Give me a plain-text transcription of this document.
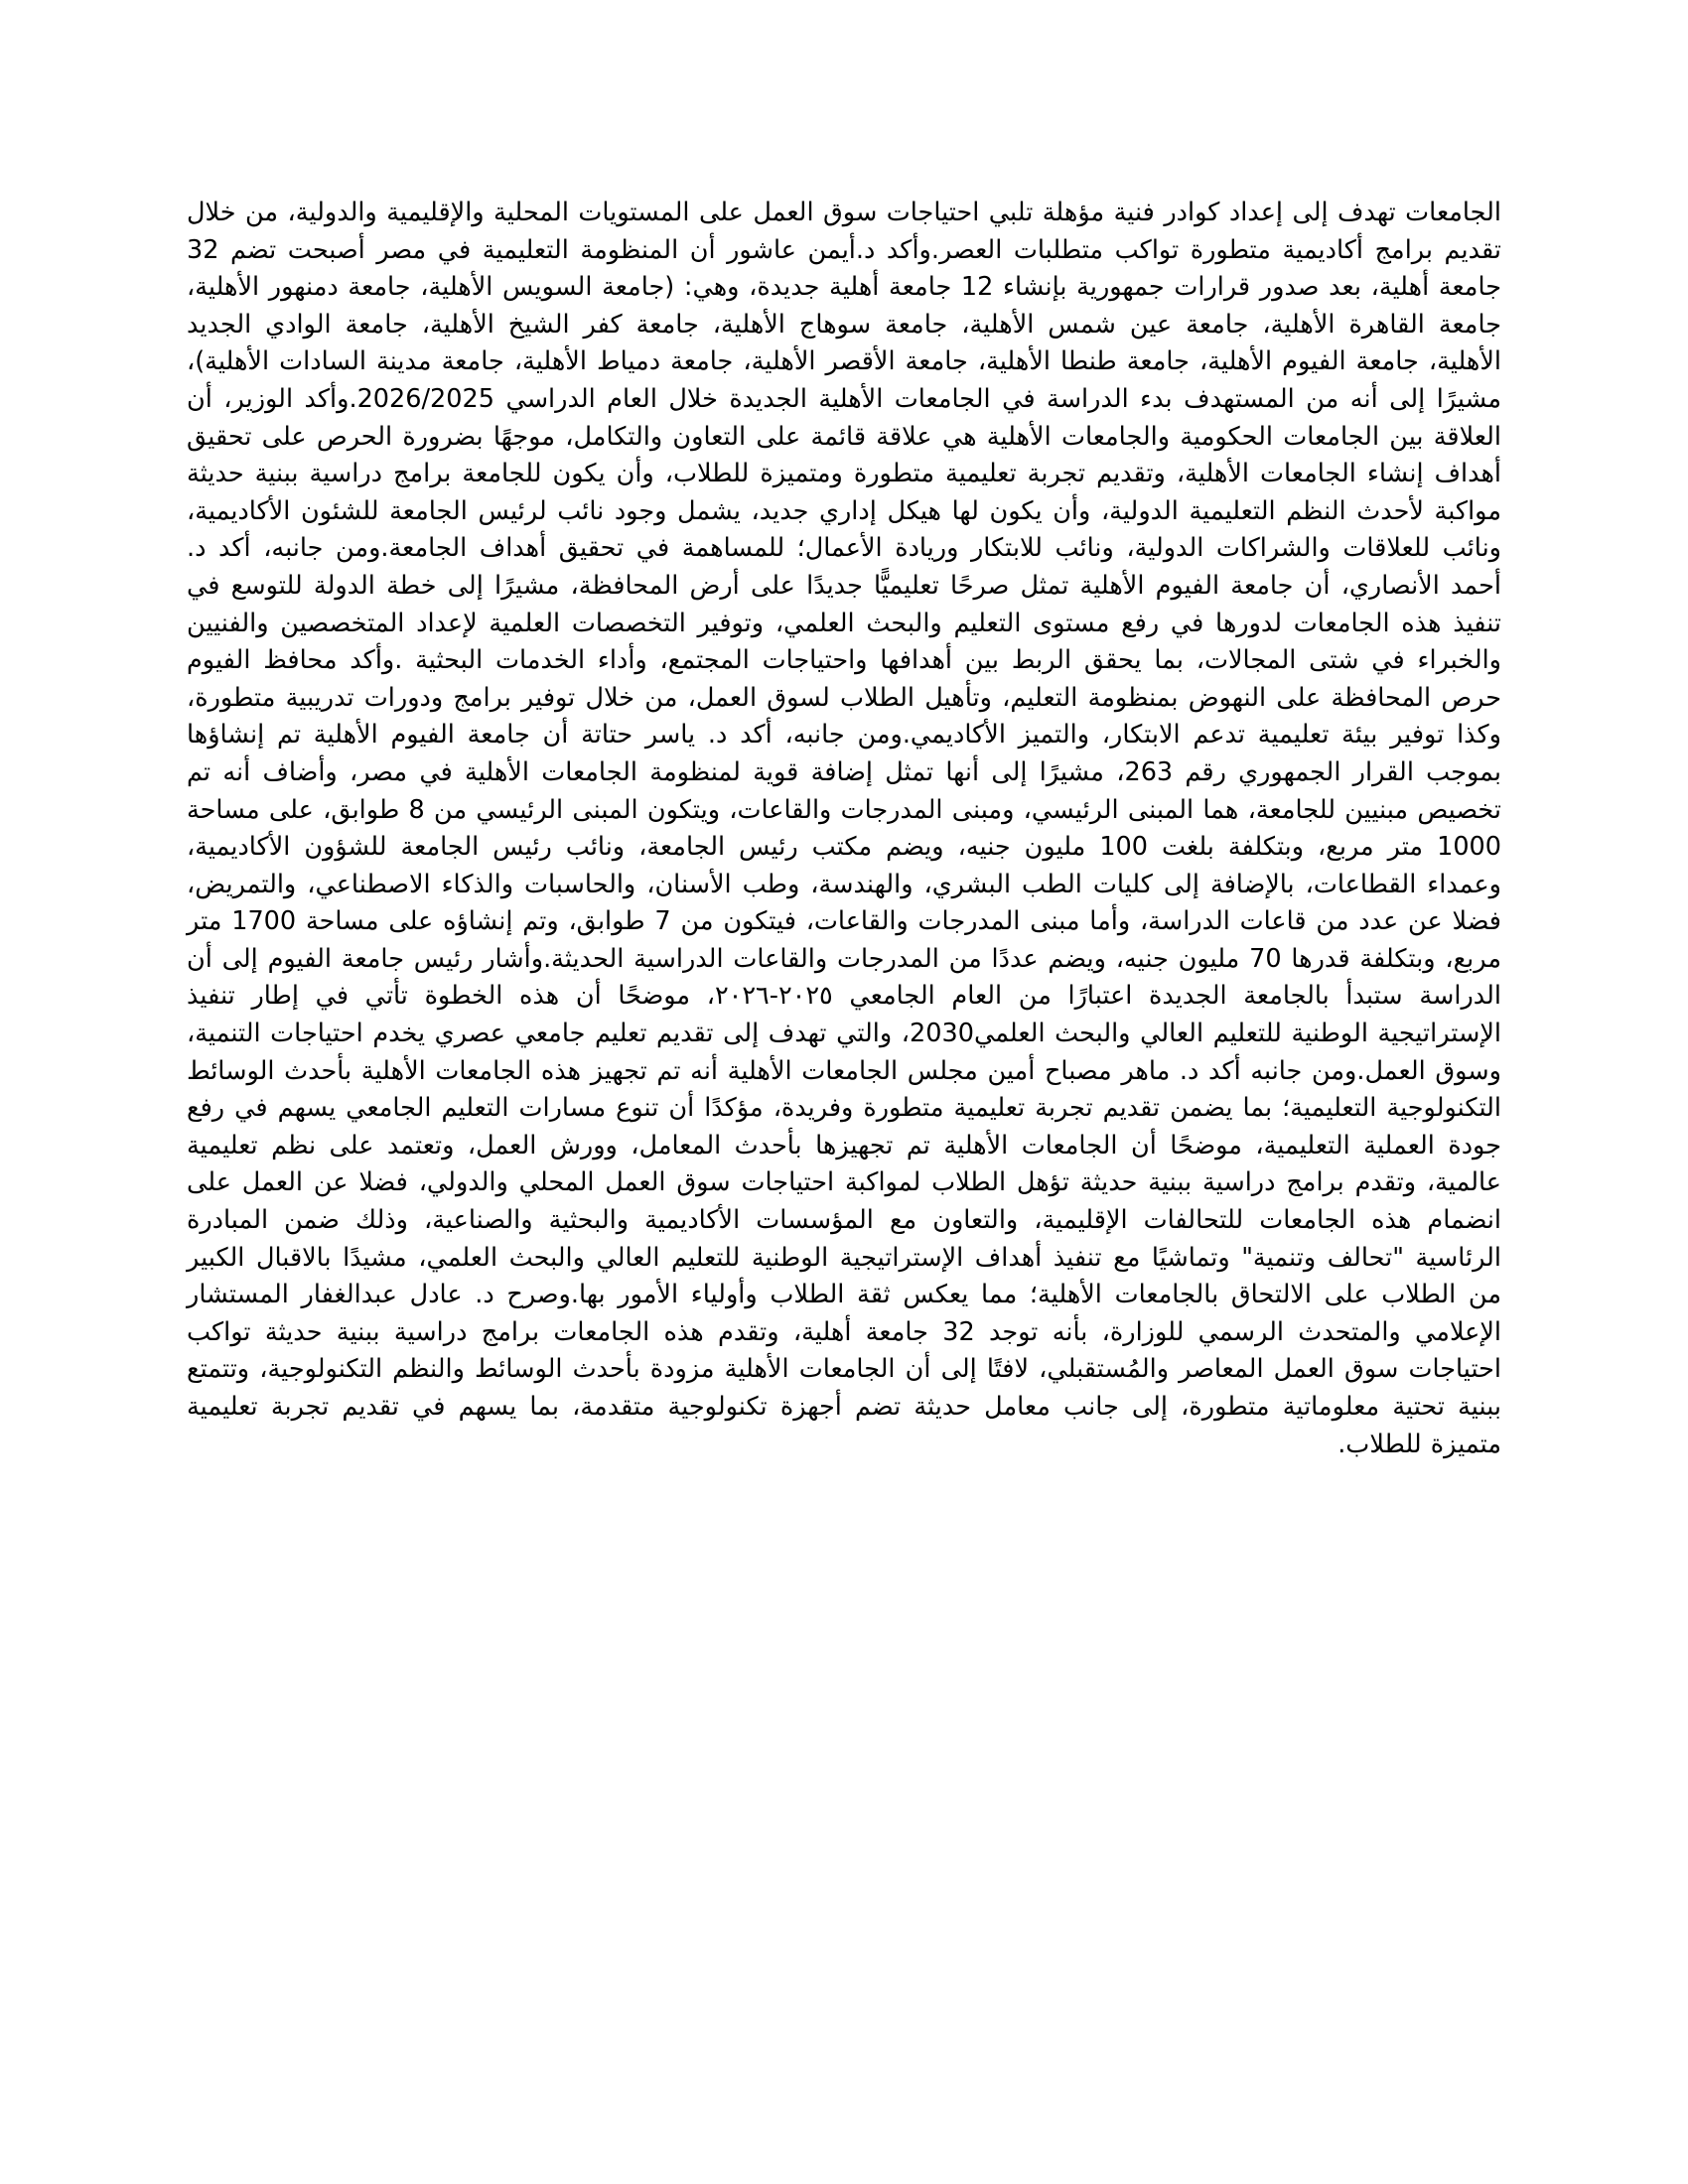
الجامعات تهدف إلى إعداد كوادر فنية مؤهلة تلبي احتياجات سوق العمل على المستويات المحلية والإقليمية والدولية، من خلال تقديم برامج أكاديمية متطورة تواكب متطلبات العصر.وأكد د.أيمن عاشور أن المنظومة التعليمية في مصر أصبحت تضم 32 جامعة أهلية، بعد صدور قرارات جمهورية بإنشاء 12 جامعة أهلية جديدة، وهي: (جامعة السويس الأهلية، جامعة دمنهور الأهلية، جامعة القاهرة الأهلية، جامعة عين شمس الأهلية، جامعة سوهاج الأهلية، جامعة كفر الشيخ الأهلية، جامعة الوادي الجديد الأهلية، جامعة الفيوم الأهلية، جامعة طنطا الأهلية، جامعة الأقصر الأهلية، جامعة دمياط الأهلية، جامعة مدينة السادات الأهلية)، مشيرًا إلى أنه من المستهدف بدء الدراسة في الجامعات الأهلية الجديدة خلال العام الدراسي 2026/2025.وأكد الوزير، أن العلاقة بين الجامعات الحكومية والجامعات الأهلية هي علاقة قائمة على التعاون والتكامل، موجهًا بضرورة الحرص على تحقيق أهداف إنشاء الجامعات الأهلية، وتقديم تجربة تعليمية متطورة ومتميزة للطلاب، وأن يكون للجامعة برامج دراسية ببنية حديثة مواكبة لأحدث النظم التعليمية الدولية، وأن يكون لها هيكل إداري جديد، يشمل وجود نائب لرئيس الجامعة للشئون الأكاديمية، ونائب للعلاقات والشراكات الدولية، ونائب للابتكار وريادة الأعمال؛ للمساهمة في تحقيق أهداف الجامعة.ومن جانبه، أكد د. أحمد الأنصاري، أن جامعة الفيوم الأهلية تمثل صرحًا تعليميًّا جديدًا على أرض المحافظة، مشيرًا إلى خطة الدولة للتوسع في تنفيذ هذه الجامعات لدورها في رفع مستوى التعليم والبحث العلمي، وتوفير التخصصات العلمية لإعداد المتخصصين والفنيين والخبراء في شتى المجالات، بما يحقق الربط بين أهدافها واحتياجات المجتمع، وأداء الخدمات البحثية .وأكد محافظ الفيوم حرص المحافظة على النهوض بمنظومة التعليم، وتأهيل الطلاب لسوق العمل، من خلال توفير برامج ودورات تدريبية متطورة، وكذا توفير بيئة تعليمية تدعم الابتكار، والتميز الأكاديمي.ومن جانبه، أكد د. ياسر حتاتة أن جامعة الفيوم الأهلية تم إنشاؤها بموجب القرار الجمهوري رقم 263، مشيرًا إلى أنها تمثل إضافة قوية لمنظومة الجامعات الأهلية في مصر، وأضاف أنه تم تخصيص مبنيين للجامعة، هما المبنى الرئيسي، ومبنى المدرجات والقاعات، ويتكون المبنى الرئيسي من 8 طوابق، على مساحة 1000 متر مربع، وبتكلفة بلغت 100 مليون جنيه، ويضم مكتب رئيس الجامعة، ونائب رئيس الجامعة للشؤون الأكاديمية، وعمداء القطاعات، بالإضافة إلى كليات الطب البشري، والهندسة، وطب الأسنان، والحاسبات والذكاء الاصطناعي، والتمريض، فضلا عن عدد من قاعات الدراسة، وأما مبنى المدرجات والقاعات، فيتكون من 7 طوابق، وتم إنشاؤه على مساحة 1700 متر مربع، وبتكلفة قدرها 70 مليون جنيه، ويضم عددًا من المدرجات والقاعات الدراسية الحديثة.وأشار رئيس جامعة الفيوم إلى أن الدراسة ستبدأ بالجامعة الجديدة اعتبارًا من العام الجامعي ٢٠٢٥-٢٠٢٦، موضحًا أن هذه الخطوة تأتي في إطار تنفيذ الإستراتيجية الوطنية للتعليم العالي والبحث العلمي2030، والتي تهدف إلى تقديم تعليم جامعي عصري يخدم احتياجات التنمية، وسوق العمل.ومن جانبه أكد د. ماهر مصباح أمين مجلس الجامعات الأهلية أنه تم تجهيز هذه الجامعات الأهلية بأحدث الوسائط التكنولوجية التعليمية؛ بما يضمن تقديم تجربة تعليمية متطورة وفريدة، مؤكدًا أن تنوع مسارات التعليم الجامعي يسهم في رفع جودة العملية التعليمية، موضحًا أن الجامعات الأهلية تم تجهيزها بأحدث المعامل، وورش العمل، وتعتمد على نظم تعليمية عالمية، وتقدم برامج دراسية ببنية حديثة تؤهل الطلاب لمواكبة احتياجات سوق العمل المحلي والدولي، فضلا عن العمل على انضمام هذه الجامعات للتحالفات الإقليمية، والتعاون مع المؤسسات الأكاديمية والبحثية والصناعية، وذلك ضمن المبادرة الرئاسية "تحالف وتنمية" وتماشيًا مع تنفيذ أهداف الإستراتيجية الوطنية للتعليم العالي والبحث العلمي، مشيدًا بالاقبال الكبير من الطلاب على الالتحاق بالجامعات الأهلية؛ مما يعكس ثقة الطلاب وأولياء الأمور بها.وصرح د. عادل عبدالغفار المستشار الإعلامي والمتحدث الرسمي للوزارة، بأنه توجد 32 جامعة أهلية، وتقدم هذه الجامعات برامج دراسية ببنية حديثة تواكب احتياجات سوق العمل المعاصر والمُستقبلي، لافتًا إلى أن الجامعات الأهلية مزودة بأحدث الوسائط والنظم التكنولوجية، وتتمتع ببنية تحتية معلوماتية متطورة، إلى جانب معامل حديثة تضم أجهزة تكنولوجية متقدمة، بما يسهم في تقديم تجربة تعليمية متميزة للطلاب.
